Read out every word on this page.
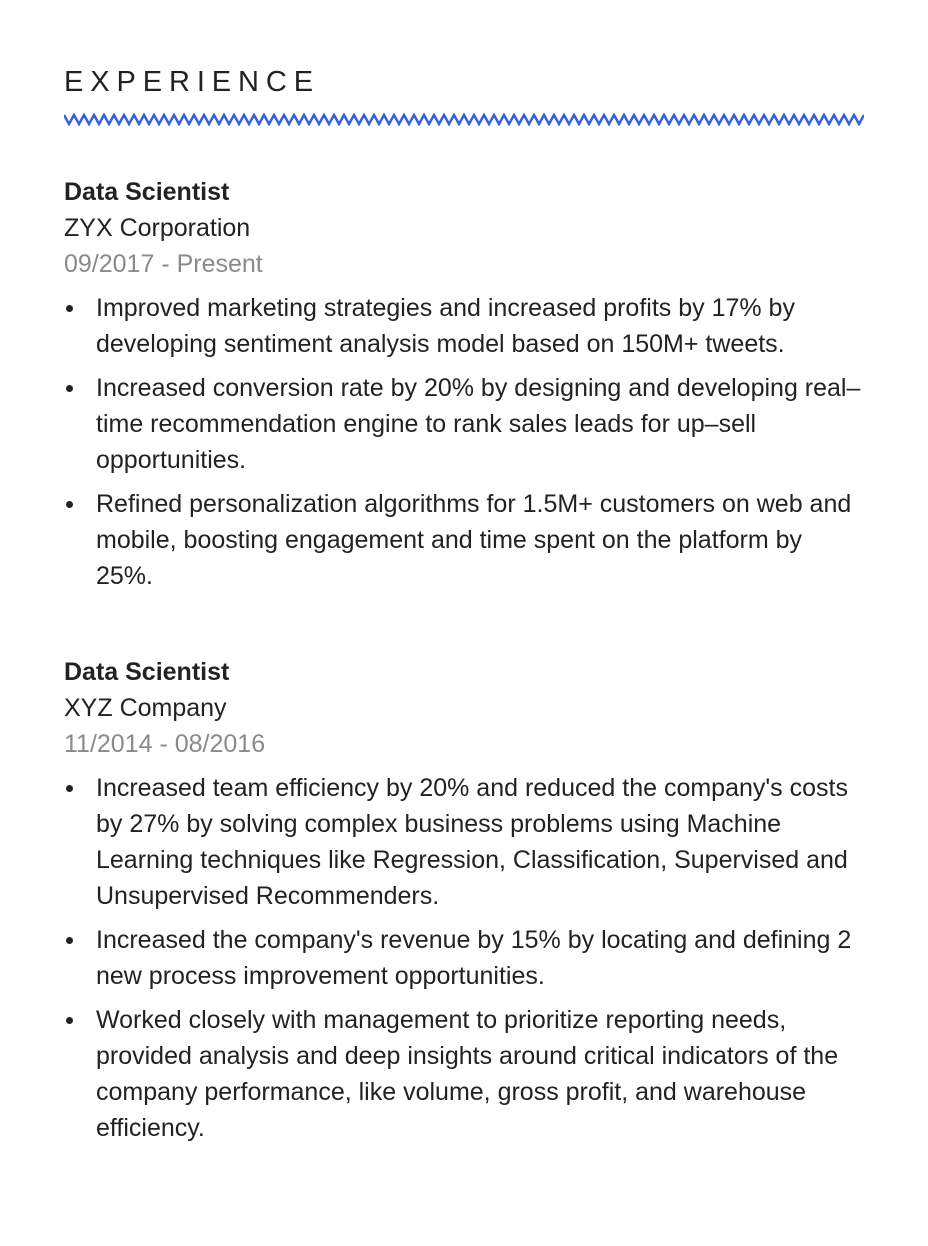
EXPERIENCE
Data Scientist
ZYX Corporation
09/2017 - Present
Improved marketing strategies and increased profits by 17% by developing sentiment analysis model based on 150M+ tweets.
Increased conversion rate by 20% by designing and developing real–time recommendation engine to rank sales leads for up–sell opportunities.
Refined personalization algorithms for 1.5M+ customers on web and mobile, boosting engagement and time spent on the platform by 25%.
Data Scientist
XYZ Company
11/2014 - 08/2016
Increased team efficiency by 20% and reduced the company's costs by 27% by solving complex business problems using Machine Learning techniques like Regression, Classification, Supervised and Unsupervised Recommenders.
Increased the company's revenue by 15% by locating and defining 2 new process improvement opportunities.
Worked closely with management to prioritize reporting needs, provided analysis and deep insights around critical indicators of the company performance, like volume, gross profit, and warehouse efficiency.
